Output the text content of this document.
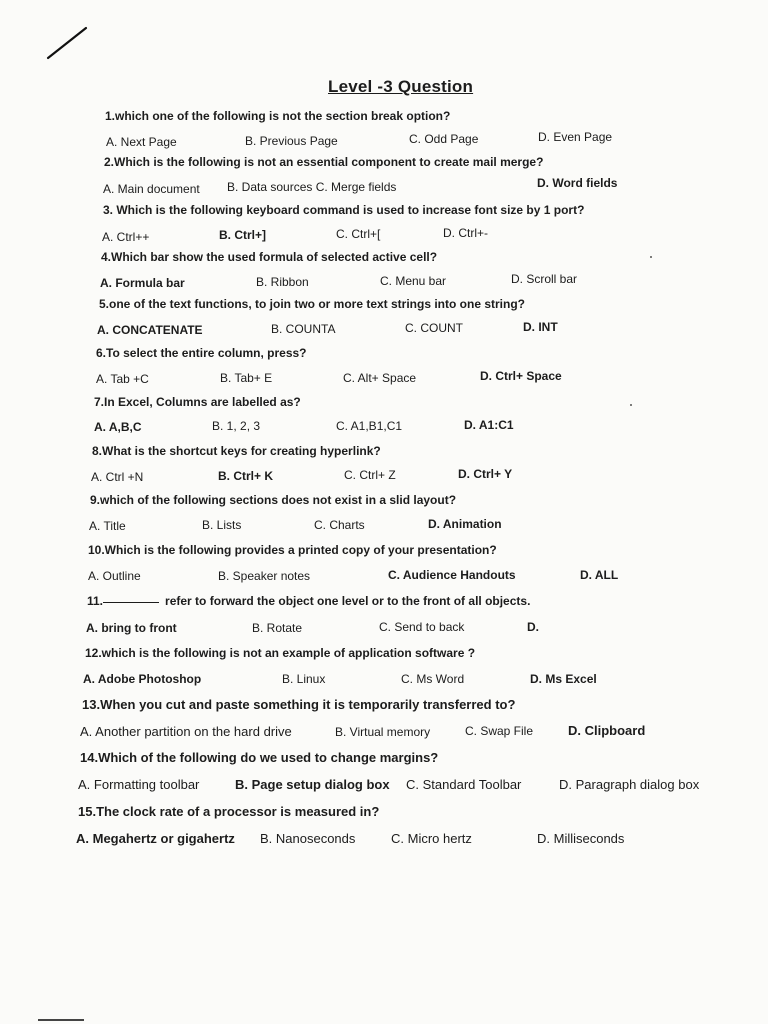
Level -3 Question
1.which one of the following is not the section break option?
A. Next Page	B. Previous Page	C. Odd Page	D. Even Page
2.Which is the following is not an essential component to create mail merge?
A. Main document B. Data sources C. Merge fields	D. Word fields
3. Which is the following keyboard command is used to increase font size by 1 port?
A. Ctrl++	B. Ctrl+]	C. Ctrl+[	D. Ctrl+-
4.Which bar show the used formula of selected active cell?
A. Formula bar	B. Ribbon	C. Menu bar	D. Scroll bar
5.one of the text functions, to join two or more text strings into one string?
A. CONCATENATE	B. COUNTA	C. COUNT	D. INT
6.To select the entire column, press?
A. Tab +C	B. Tab+ E	C. Alt+ Space	D. Ctrl+ Space
7.In Excel, Columns are labelled as?
A. A,B,C	B. 1, 2, 3	C. A1,B1,C1	D. A1:C1
8.What is the shortcut keys for creating hyperlink?
A. Ctrl +N	B. Ctrl+ K	C. Ctrl+ Z	D. Ctrl+ Y
9.which of the following sections does not exist in a slid layout?
A. Title	B. Lists	C. Charts	D. Animation
10.Which is the following provides a printed copy of your presentation?
A. Outline	B. Speaker notes	C. Audience Handouts	D. ALL
11.	refer to forward the object one level or to the front of all objects.
A. bring to front	B. Rotate	C. Send to back	D.
12.which is the following is not an example of application software ?
A. Adobe Photoshop	B. Linux	C. Ms Word	D. Ms Excel
13.When you cut and paste something it is temporarily transferred to?
A. Another partition on the hard drive	B. Virtual memory	C. Swap File	D. Clipboard
14.Which of the following do we used to change margins?
A. Formatting toolbar	B. Page setup dialog box C. Standard Toolbar	D. Paragraph dialog box
15.The clock rate of a processor is measured in?
A. Megahertz or gigahertz B. Nanoseconds	C. Micro hertz	D. Milliseconds
